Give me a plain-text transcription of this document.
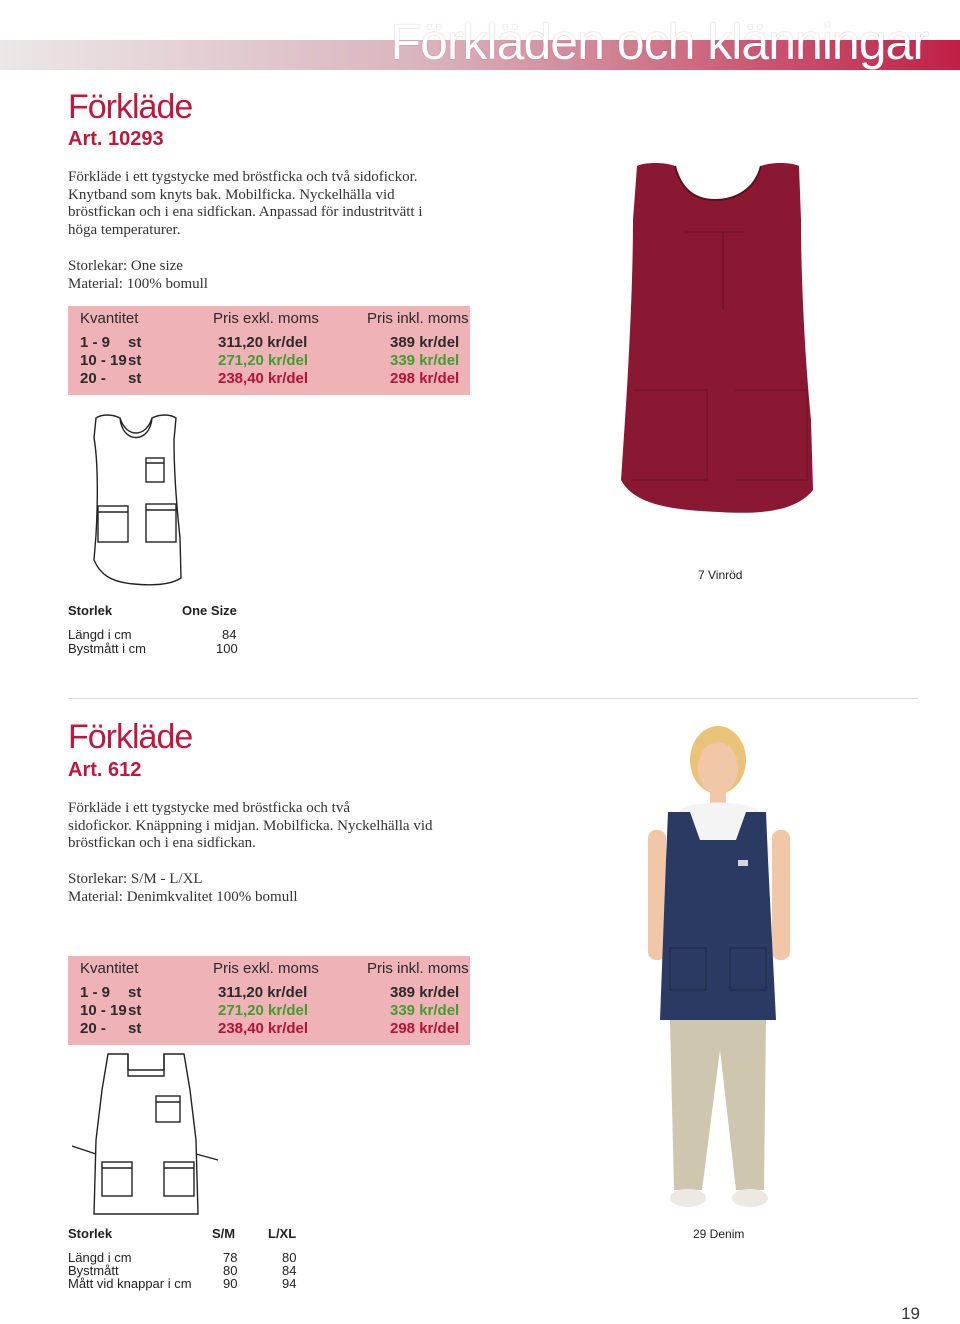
Förkläden och klänningar
Förkläde
Art. 10293

Förkläde i ett tygstycke med bröstficka och två sidofickor.

Knytband som knyts bak. Mobilficka. Nyckelhälla vid

bröstfickan och i ena sidfickan. Anpassad för industritvätt i

höga temperaturer.

Storlekar: One size

Material: 100% bomull

Kvantitet	Pris exkl. moms	Pris inkl. moms
1 - 9 st	311,20 kr/del	389 kr/del
10 - 19 st	271,20 kr/del	339 kr/del
20 - st	238,40 kr/del	298 kr/del
7 Vinröd
Storlek	One Size
Längd i cm	84
Bystmått i cm	100
Förkläde
Art. 612

Förkläde i ett tygstycke med bröstficka och två

sidofickor. Knäppning i midjan. Mobilficka. Nyckelhälla vid

bröstfickan och i ena sidfickan.

Storlekar: S/M - L/XL

Material: Denimkvalitet 100% bomull

Kvantitet	Pris exkl. moms	Pris inkl. moms
1 - 9 st	311,20 kr/del	389 kr/del
10 - 19 st	271,20 kr/del	339 kr/del
20 - st	238,40 kr/del	298 kr/del
29 Denim
Storlek	S/M	L/XL
Längd i cm	78	80
Bystmått	80	84
Mått vid knappar i cm 90	94
19
